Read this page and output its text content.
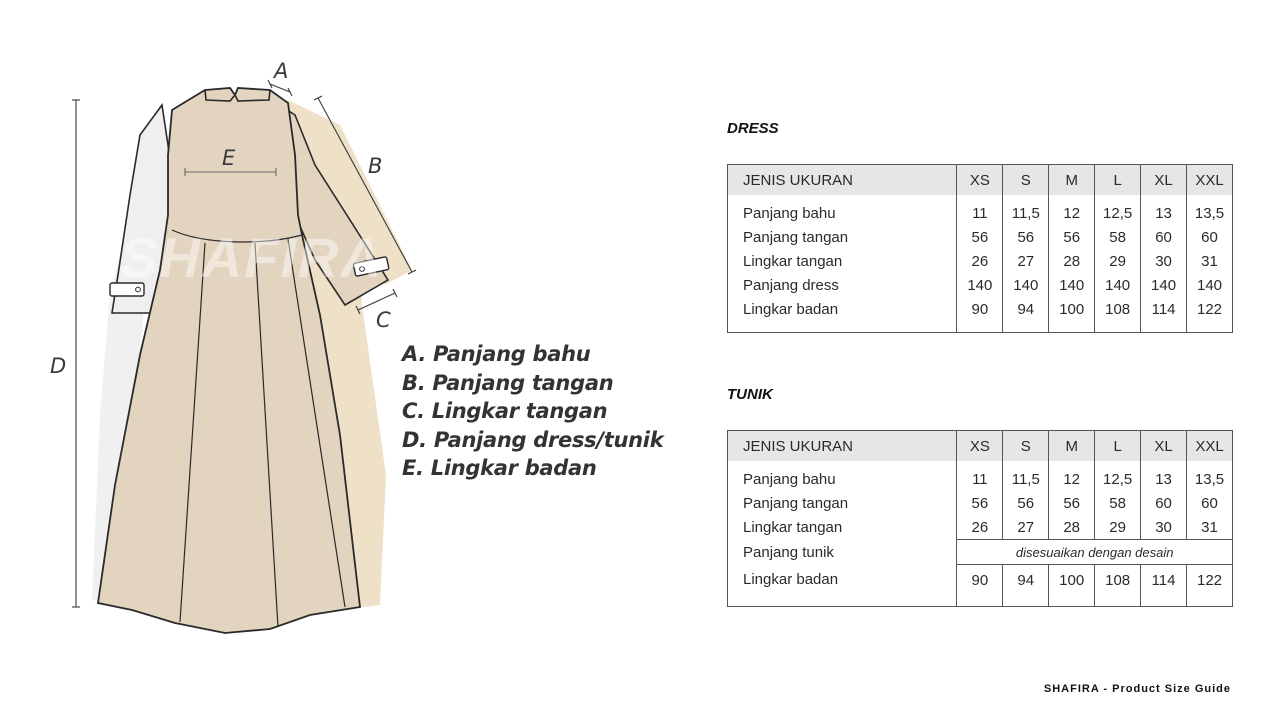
SHAFIRA
A
B
C
D
E
A. Panjang bahu
B. Panjang tangan
C. Lingkar tangan
D. Panjang dress/tunik
E. Lingkar badan
DRESS
JENIS UKURAN	XS	S	M	L	XL	XXL

Panjang bahu	11	11,5	12	12,5	13	13,5
Panjang tangan	56	56	56	58	60	60
Lingkar tangan	26	27	28	29	30	31
Panjang dress	140	140	140	140	140	140
Lingkar badan	90	94	100	108	114	122

TUNIK
JENIS UKURAN	XS	S	M	L	XL	XXL

Panjang bahu	11	11,5	12	12,5	13	13,5
Panjang tangan	56	56	56	58	60	60
Lingkar tangan	26	27	28	29	30	31
Panjang tunik	disesuaikan dengan desain					
Lingkar badan	90	94	100	108	114	122

SHAFIRA - Product Size Guide
